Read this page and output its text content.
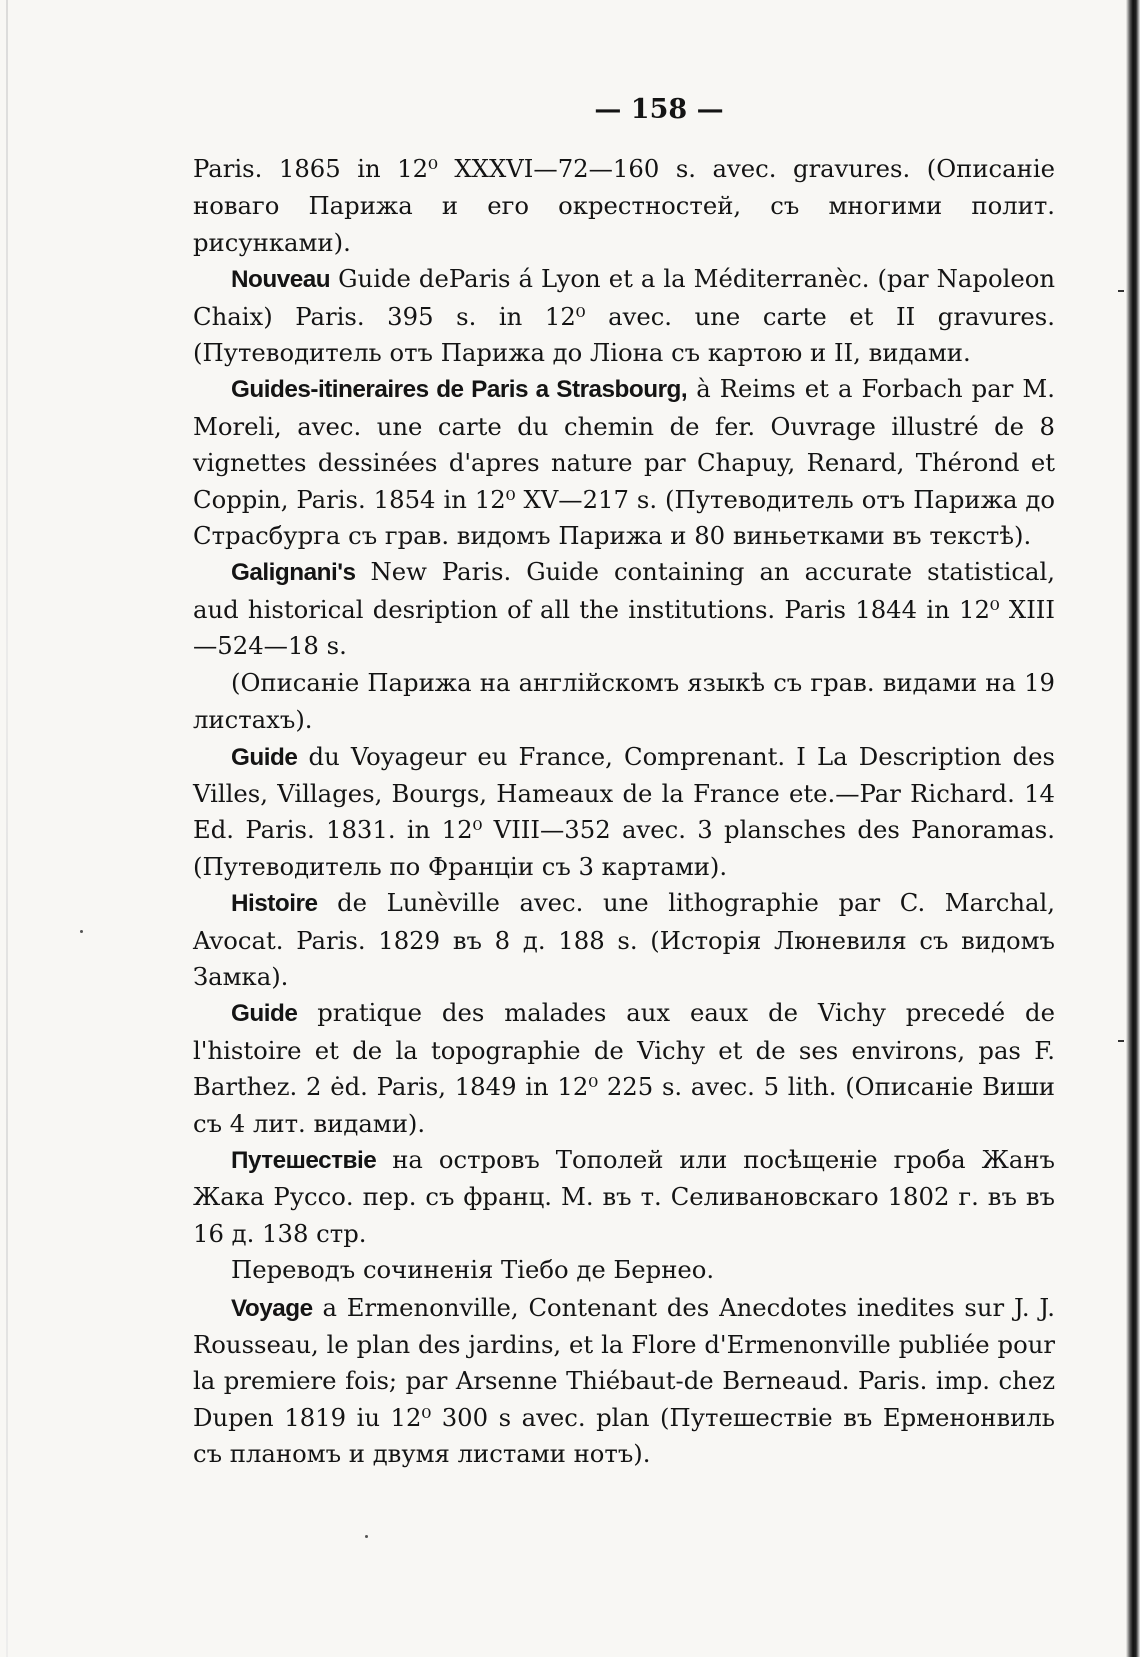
— 158 —

Paris. 1865 in 12⁰ XXXVI—72—160 s. avec. gravures. (Описаніе новаго Парижа и его окрестностей, съ многими полит. рисунками).

Nouveau Guide deParis á Lyon et a la Méditerranèc. (par Napoleon Chaix) Paris. 395 s. in 12⁰ avec. une carte et II gravures. (Путеводитель отъ Парижа до Ліона съ картою и II, видами.

Guides-itineraires de Paris a Strasbourg, à Reims et a Forbach par M. Moreli, avec. une carte du chemin de fer. Ouvrage illustré de 8 vignettes dessinées d'apres nature par Chapuy, Renard, Thérond et Coppin, Paris. 1854 in 12⁰ XV—217 s. (Путеводитель отъ Парижа до Страсбурга съ грав. видомъ Парижа и 80 виньетками въ текстѣ).

Galignani's New Paris. Guide containing an accurate statistical, aud historical desription of all the institutions. Paris 1844 in 12⁰ XIII—524—18 s.

(Описаніе Парижа на англійскомъ языкѣ съ грав. видами на 19 листахъ).

Guide du Voyageur eu France, Comprenant. I La Description des Villes, Villages, Bourgs, Hameaux de la France ete.—Par Richard. 14 Ed. Paris. 1831. in 12⁰ VIII—352 avec. 3 plansches des Panoramas. (Путеводитель по Франціи съ 3 картами).

Histoire de Lunèville avec. une lithographie par C. Marchal, Avocat. Paris. 1829 въ 8 д. 188 s. (Исторія Люневиля съ видомъ Замка).

Guide pratique des malades aux eaux de Vichy precedé de l'histoire et de la topographie de Vichy et de ses environs, pas F. Barthez. 2 ėd. Paris, 1849 in 12⁰ 225 s. avec. 5 lith. (Описаніе Виши съ 4 лит. видами).

Путешествіе на островъ Тополей или посѣщеніе гроба Жанъ Жака Руссо. пер. съ франц. М. въ т. Селивановскаго 1802 г. въ въ 16 д. 138 стр.

Переводъ сочиненія Тіебо де Бернео.

Voyage a Ermenonville, Contenant des Anecdotes inedites sur J. J. Rousseau, le plan des jardins, et la Flore d'Ermenonville publiée pour la premiere fois; par Arsenne Thiébaut-de Berneaud. Paris. imp. chez Dupen 1819 iu 12⁰ 300 s avec. plan (Путешествіе въ Ерменонвиль съ планомъ и двумя листами нотъ).
